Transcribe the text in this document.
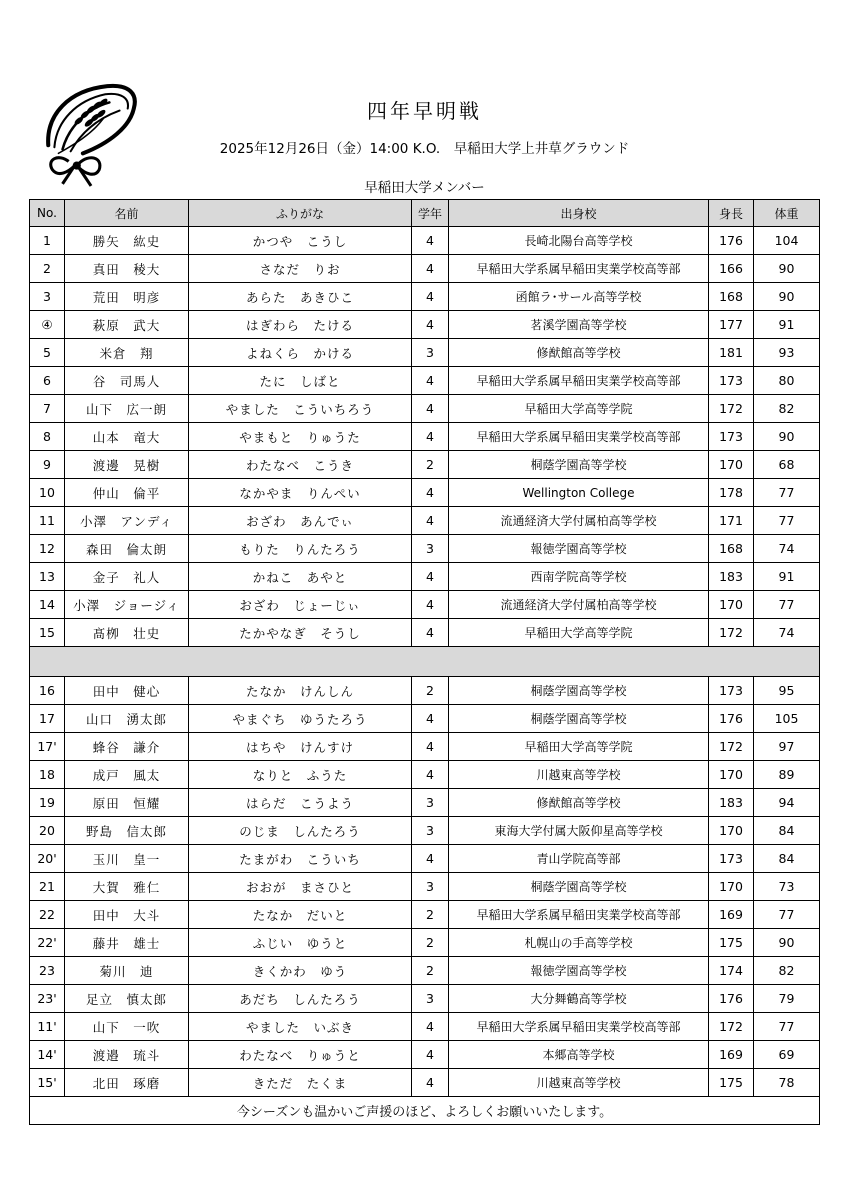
四年早明戦
2025年12月26日（金）14:00 K.O.　早稲田大学上井草グラウンド
早稲田大学メンバー
No.	名前	ふりがな	学年	出身校	身長	体重
1	勝矢　紘史	かつや　こうし	4	長崎北陽台高等学校	176	104
2	真田　稜大	さなだ　りお	4	早稲田大学系属早稲田実業学校高等部	166	90
3	荒田　明彦	あらた　あきひこ	4	函館ラ･サール高等学校	168	90
④	萩原　武大	はぎわら　たける	4	茗溪学園高等学校	177	91
5	米倉　翔	よねくら　かける	3	修猷館高等学校	181	93
6	谷　司馬人	たに　しばと	4	早稲田大学系属早稲田実業学校高等部	173	80
7	山下　広一朗	やました　こういちろう	4	早稲田大学高等学院	172	82
8	山本　竜大	やまもと　りゅうた	4	早稲田大学系属早稲田実業学校高等部	173	90
9	渡邊　晃樹	わたなべ　こうき	2	桐蔭学園高等学校	170	68
10	仲山　倫平	なかやま　りんぺい	4	Wellington College	178	77
11	小澤　アンディ	おざわ　あんでぃ	4	流通経済大学付属柏高等学校	171	77
12	森田　倫太朗	もりた　りんたろう	3	報徳学園高等学校	168	74
13	金子　礼人	かねこ　あやと	4	西南学院高等学校	183	91
14	小澤　ジョージィ	おざわ　じょーじぃ	4	流通経済大学付属柏高等学校	170	77
15	髙栁　壮史	たかやなぎ　そうし	4	早稲田大学高等学院	172	74

16	田中　健心	たなか　けんしん	2	桐蔭学園高等学校	173	95
17	山口　湧太郎	やまぐち　ゆうたろう	4	桐蔭学園高等学校	176	105
17'	蜂谷　謙介	はちや　けんすけ	4	早稲田大学高等学院	172	97
18	成戸　風太	なりと　ふうた	4	川越東高等学校	170	89
19	原田　恒耀	はらだ　こうよう	3	修猷館高等学校	183	94
20	野島　信太郎	のじま　しんたろう	3	東海大学付属大阪仰星高等学校	170	84
20'	玉川　皇一	たまがわ　こういち	4	青山学院高等部	173	84
21	大賀　雅仁	おおが　まさひと	3	桐蔭学園高等学校	170	73
22	田中　大斗	たなか　だいと	2	早稲田大学系属早稲田実業学校高等部	169	77
22'	藤井　雄士	ふじい　ゆうと	2	札幌山の手高等学校	175	90
23	菊川　迪	きくかわ　ゆう	2	報徳学園高等学校	174	82
23'	足立　慎太郎	あだち　しんたろう	3	大分舞鶴高等学校	176	79
11'	山下　一吹	やました　いぶき	4	早稲田大学系属早稲田実業学校高等部	172	77
14'	渡邉　琉斗	わたなべ　りゅうと	4	本郷高等学校	169	69
15'	北田　琢磨	きただ　たくま	4	川越東高等学校	175	78
今シーズンも温かいご声援のほど、よろしくお願いいたします。						
